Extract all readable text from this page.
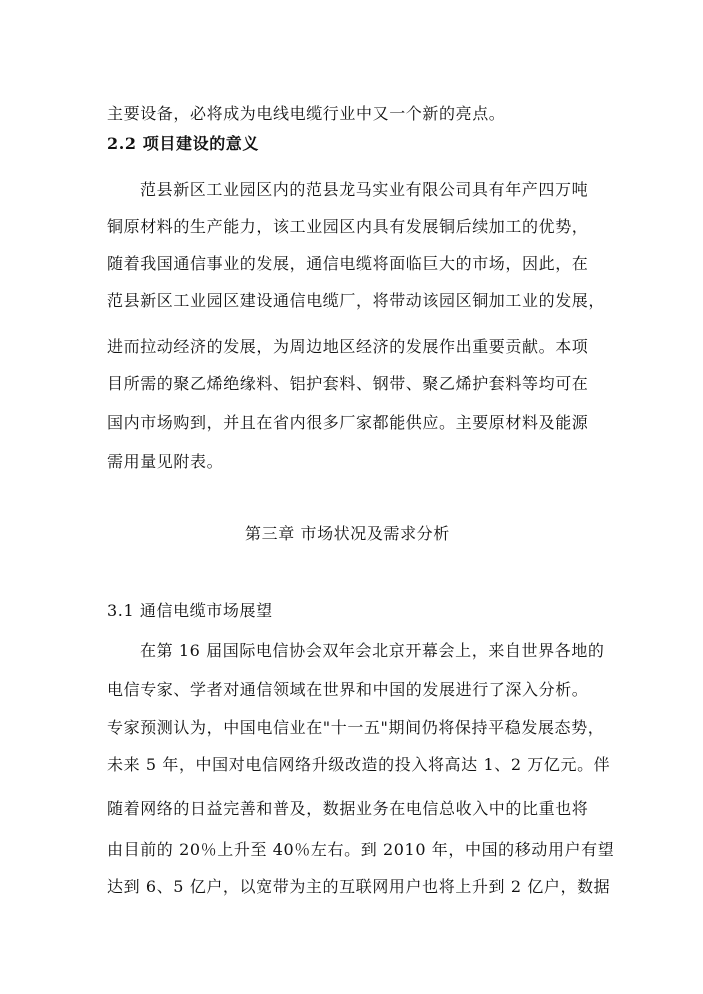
主要设备，必将成为电线电缆行业中又一个新的亮点。
2.2 项目建设的意义
范县新区工业园区内的范县龙马实业有限公司具有年产四万吨
铜原材料的生产能力，该工业园区内具有发展铜后续加工的优势，
随着我国通信事业的发展，通信电缆将面临巨大的市场，因此，在
范县新区工业园区建设通信电缆厂，将带动该园区铜加工业的发展，
进而拉动经济的发展，为周边地区经济的发展作出重要贡献。本项
目所需的聚乙烯绝缘料、铝护套料、钢带、聚乙烯护套料等均可在
国内市场购到，并且在省内很多厂家都能供应。主要原材料及能源
需用量见附表。
第三章 市场状况及需求分析
3.1 通信电缆市场展望
在第 16 届国际电信协会双年会北京开幕会上，来自世界各地的
电信专家、学者对通信领域在世界和中国的发展进行了深入分析。
专家预测认为，中国电信业在"十一五"期间仍将保持平稳发展态势，
未来 5 年，中国对电信网络升级改造的投入将高达 1、2 万亿元。伴
随着网络的日益完善和普及，数据业务在电信总收入中的比重也将
由目前的 20％上升至 40％左右。到 2010 年，中国的移动用户有望
达到 6、5 亿户，以宽带为主的互联网用户也将上升到 2 亿户，数据
